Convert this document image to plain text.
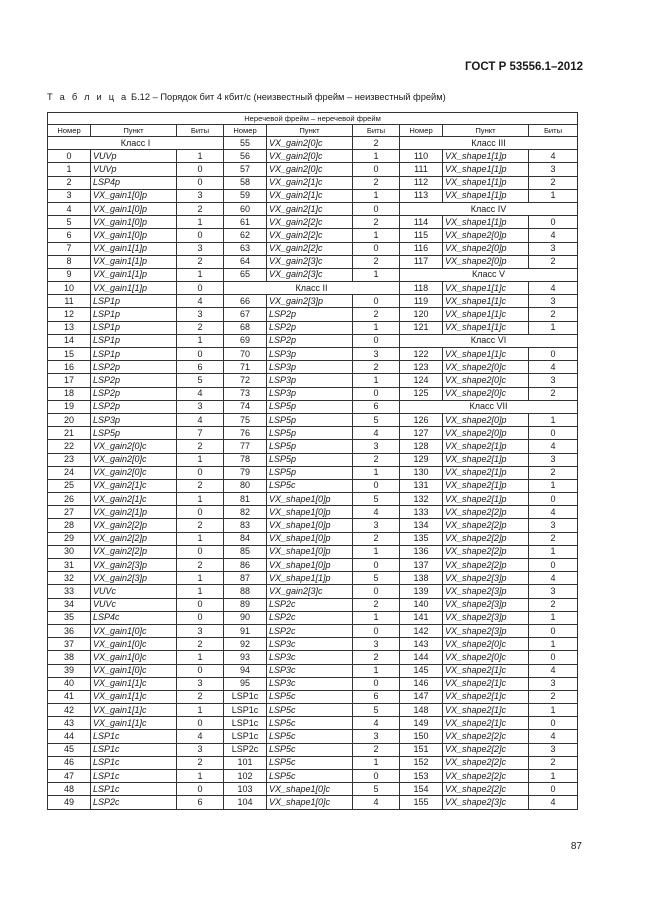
ГОСТ Р 53556.1–2012
Т а б л и ц а Б.12 – Порядок бит 4 кбит/с (неизвестный фрейм – неизвестный фрейм)
Неречевой фрейм – неречевой фрейм								
Номер	Пункт	Биты	Номер	Пункт	Биты	Номер	Пункт	Биты
Класс I			55	VX_gain2[0]c	2	Класс III		
0	VUVp	1	56	VX_gain2[0]c	1	110	VX_shape1[1]p	4
1	VUVp	0	57	VX_gain2[0]c	0	111	VX_shape1[1]p	3
2	LSP4p	0	58	VX_gain2[1]c	2	112	VX_shape1[1]p	2
3	VX_gain1[0]p	3	59	VX_gain2[1]c	1	113	VX_shape1[1]p	1
4	VX_gain1[0]p	2	60	VX_gain2[1]c	0	Класс IV		
5	VX_gain1[0]p	1	61	VX_gain2[2]c	2	114	VX_shape1[1]p	0
6	VX_gain1[0]p	0	62	VX_gain2[2]c	1	115	VX_shape2[0]p	4
7	VX_gain1[1]p	3	63	VX_gain2[2]c	0	116	VX_shape2[0]p	3
8	VX_gain1[1]p	2	64	VX_gain2[3]c	2	117	VX_shape2[0]p	2
9	VX_gain1[1]p	1	65	VX_gain2[3]c	1	Класс V		
10	VX_gain1[1]p	0	Класс II			118	VX_shape1[1]c	4
11	LSP1p	4	66	VX_gain2[3]p	0	119	VX_shape1[1]c	3
12	LSP1p	3	67	LSP2p	2	120	VX_shape1[1]c	2
13	LSP1p	2	68	LSP2p	1	121	VX_shape1[1]c	1
14	LSP1p	1	69	LSP2p	0	Класс VI		
15	LSP1p	0	70	LSP3p	3	122	VX_shape1[1]c	0
16	LSP2p	6	71	LSP3p	2	123	VX_shape2[0]c	4
17	LSP2p	5	72	LSP3p	1	124	VX_shape2[0]c	3
18	LSP2p	4	73	LSP3p	0	125	VX_shape2[0]c	2
19	LSP2p	3	74	LSP5p	6	Класс VII		
20	LSP3p	4	75	LSP5p	5	126	VX_shape2[0]p	1
21	LSP5p	7	76	LSP5p	4	127	VX_shape2[0]p	0
22	VX_gain2[0]c	2	77	LSP5p	3	128	VX_shape2[1]p	4
23	VX_gain2[0]c	1	78	LSP5p	2	129	VX_shape2[1]p	3
24	VX_gain2[0]c	0	79	LSP5p	1	130	VX_shape2[1]p	2
25	VX_gain2[1]c	2	80	LSP5c	0	131	VX_shape2[1]p	1
26	VX_gain2[1]c	1	81	VX_shape1[0]p	5	132	VX_shape2[1]p	0
27	VX_gain2[1]p	0	82	VX_shape1[0]p	4	133	VX_shape2[2]p	4
28	VX_gain2[2]p	2	83	VX_shape1[0]p	3	134	VX_shape2[2]p	3
29	VX_gain2[2]p	1	84	VX_shape1[0]p	2	135	VX_shape2[2]p	2
30	VX_gain2[2]p	0	85	VX_shape1[0]p	1	136	VX_shape2[2]p	1
31	VX_gain2[3]p	2	86	VX_shape1[0]p	0	137	VX_shape2[2]p	0
32	VX_gain2[3]p	1	87	VX_shape1[1]p	5	138	VX_shape2[3]p	4
33	VUVc	1	88	VX_gain2[3]c	0	139	VX_shape2[3]p	3
34	VUVc	0	89	LSP2c	2	140	VX_shape2[3]p	2
35	LSP4c	0	90	LSP2c	1	141	VX_shape2[3]p	1
36	VX_gain1[0]c	3	91	LSP2c	0	142	VX_shape2[3]p	0
37	VX_gain1[0]c	2	92	LSP3c	3	143	VX_shape2[0]c	1
38	VX_gain1[0]c	1	93	LSP3c	2	144	VX_shape2[0]c	0
39	VX_gain1[0]c	0	94	LSP3c	1	145	VX_shape2[1]c	4
40	VX_gain1[1]c	3	95	LSP3c	0	146	VX_shape2[1]c	3
41	VX_gain1[1]c	2	LSP1c	LSP5c	6	147	VX_shape2[1]c	2
42	VX_gain1[1]c	1	LSP1c	LSP5c	5	148	VX_shape2[1]c	1
43	VX_gain1[1]c	0	LSP1c	LSP5c	4	149	VX_shape2[1]c	0
44	LSP1c	4	LSP1c	LSP5c	3	150	VX_shape2[2]c	4
45	LSP1c	3	LSP2c	LSP5c	2	151	VX_shape2[2]c	3
46	LSP1c	2	101	LSP5c	1	152	VX_shape2[2]c	2
47	LSP1c	1	102	LSP5c	0	153	VX_shape2[2]c	1
48	LSP1c	0	103	VX_shape1[0]c	5	154	VX_shape2[2]c	0
49	LSP2c	6	104	VX_shape1[0]c	4	155	VX_shape2[3]c	4
87
